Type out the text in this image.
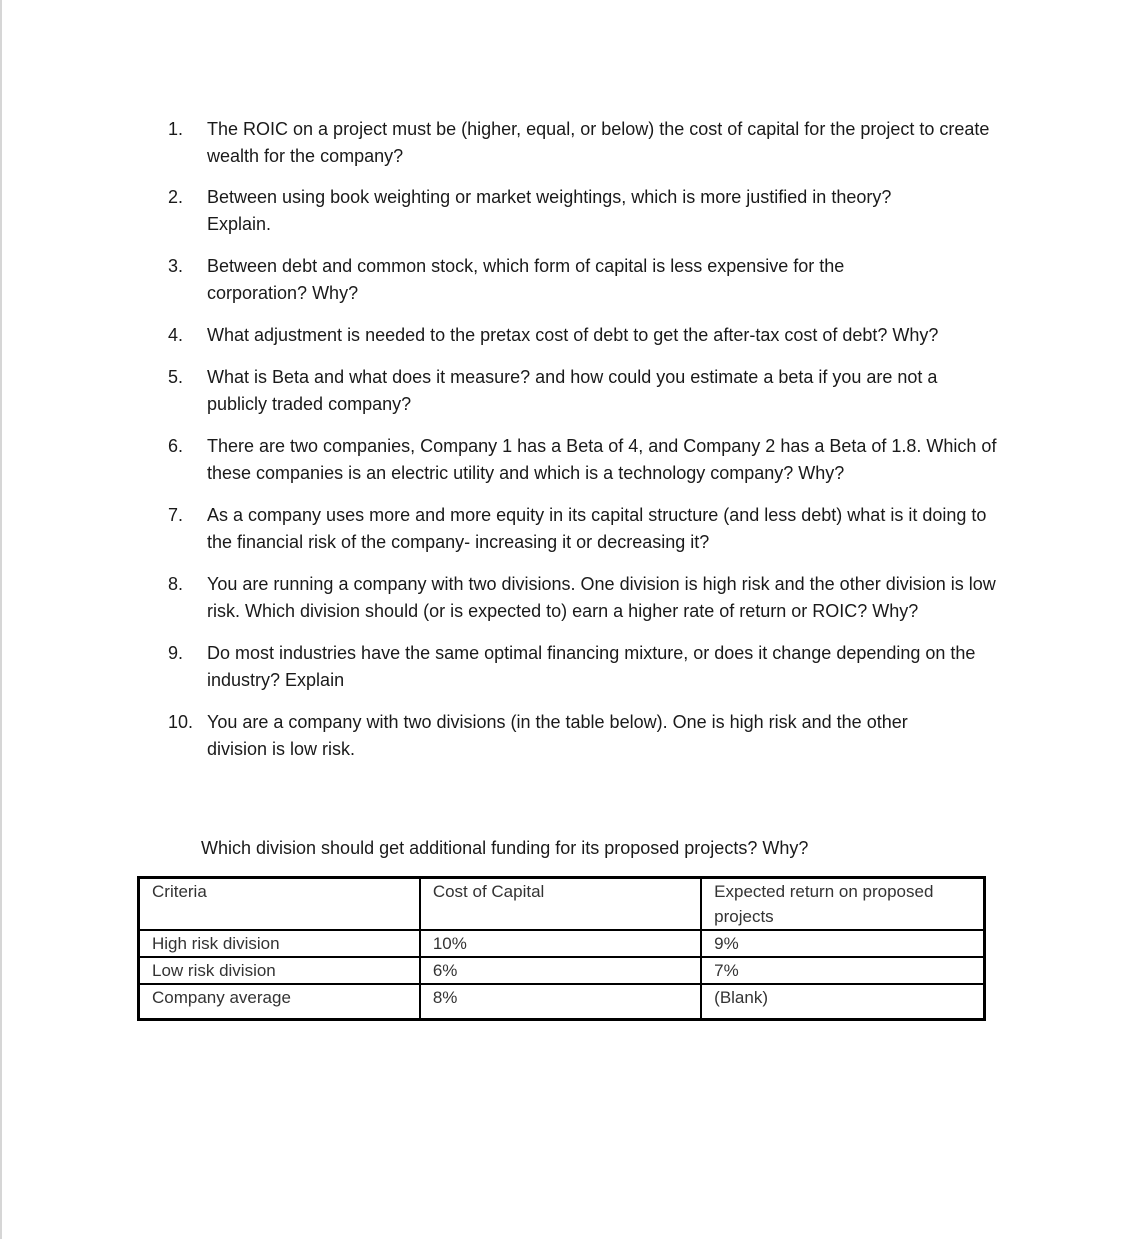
1.	The ROIC on a project must be (higher, equal, or below) the cost of capital for the project to create wealth for the company?
2.	Between using book weighting or market weightings, which is more justified in theory? Explain.
3.	Between debt and common stock, which form of capital is less expensive for the corporation? Why?
4.	What adjustment is needed to the pretax cost of debt to get the after-tax cost of debt? Why?
5.	What is Beta and what does it measure? and how could you estimate a beta if you are not a publicly traded company?
6.	There are two companies, Company 1 has a Beta of 4, and Company 2 has a Beta of 1.8. Which of these companies is an electric utility and which is a technology company? Why?
7.	As a company uses more and more equity in its capital structure (and less debt) what is it doing to the financial risk of the company- increasing it or decreasing it?
8.	You are running a company with two divisions. One division is high risk and the other division is low risk. Which division should (or is expected to) earn a higher rate of return or ROIC? Why?
9.	Do most industries have the same optimal financing mixture, or does it change depending on the industry? Explain
10. You are a company with two divisions (in the table below). One is high risk and the other division is low risk.
Which division should get additional funding for its proposed projects? Why?
Criteria	Cost of Capital	Expected return on proposed projects
High risk division	10%	9%
Low risk division	6%	7%
Company average	8%	(Blank)
